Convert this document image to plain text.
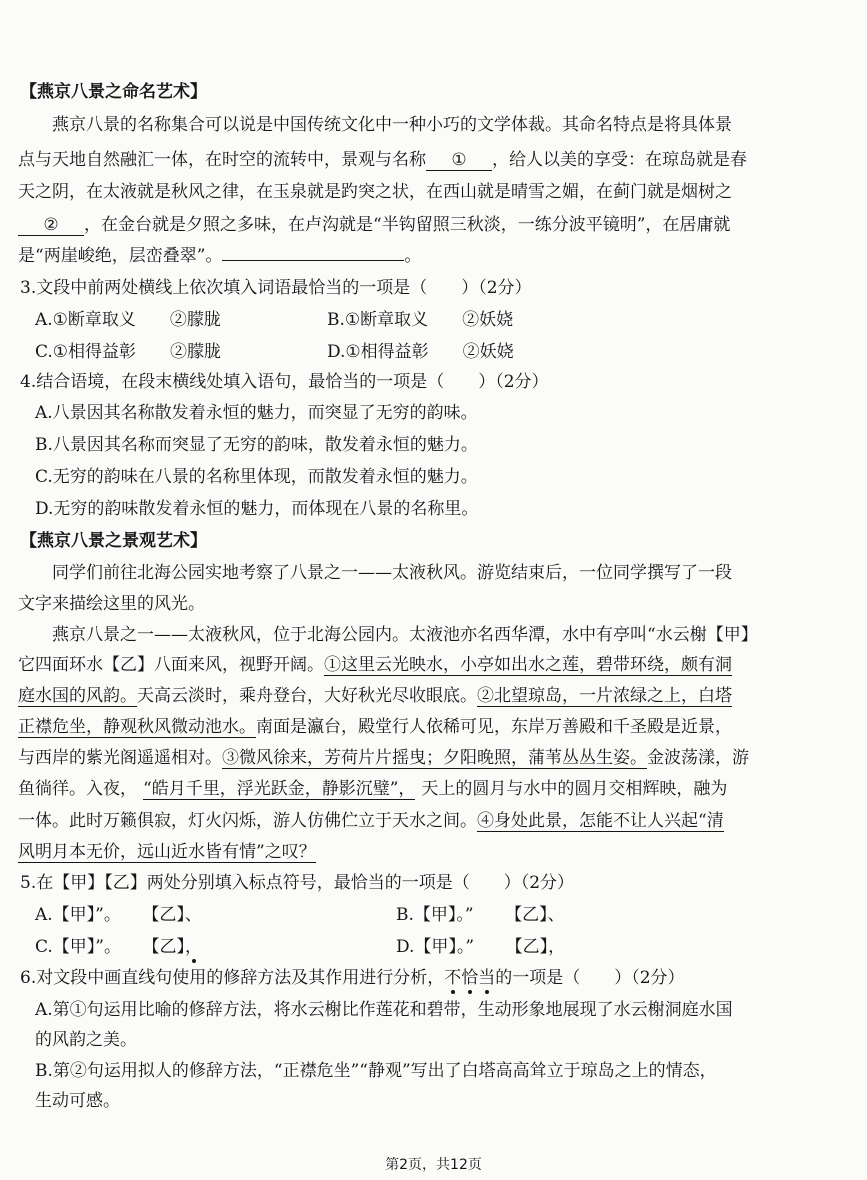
【燕京八景之命名艺术】
燕京八景的名称集合可以说是中国传统文化中一种小巧的文学体裁。其命名特点是将具体景
点与天地自然融汇一体，在时空的流转中，景观与名称 ① ，给人以美的享受：在琼岛就是春
天之阴，在太液就是秋风之律，在玉泉就是趵突之状，在西山就是晴雪之媚，在蓟门就是烟树之
② ，在金台就是夕照之多味，在卢沟就是“半钩留照三秋淡，一练分波平镜明”，在居庸就
是“两崖峻绝，层峦叠翠”。	。
3.文段中前两处横线上依次填入词语最恰当的一项是（　　）（2分）
A.①断章取义　　②朦胧	B.①断章取义　　②妖娆
C.①相得益彰　　②朦胧	D.①相得益彰　　②妖娆
4.结合语境，在段末横线处填入语句，最恰当的一项是（　　）（2分）
A.八景因其名称散发着永恒的魅力，而突显了无穷的韵味。
B.八景因其名称而突显了无穷的韵味，散发着永恒的魅力。
C.无穷的韵味在八景的名称里体现，而散发着永恒的魅力。
D.无穷的韵味散发着永恒的魅力，而体现在八景的名称里。
【燕京八景之景观艺术】
同学们前往北海公园实地考察了八景之一——太液秋风。游览结束后，一位同学撰写了一段
文字来描绘这里的风光。
燕京八景之一——太液秋风，位于北海公园内。太液池亦名西华潭，水中有亭叫“水云榭【甲】
它四面环水【乙】八面来风，视野开阔。①这里云光映水，小亭如出水之莲，碧带环绕，颇有洞
庭水国的风韵。天高云淡时，乘舟登台，大好秋光尽收眼底。②北望琼岛，一片浓绿之上，白塔
正襟危坐，静观秋风微动池水。南面是瀛台，殿堂行人依稀可见，东岸万善殿和千圣殿是近景，
与西岸的紫光阁遥遥相对。③微风徐来，芳荷片片摇曳；夕阳晚照，蒲苇丛丛生姿。金波荡漾，游
鱼徜徉。入夜， “皓月千里，浮光跃金，静影沉璧”， 天上的圆月与水中的圆月交相辉映，融为
一体。此时万籁俱寂，灯火闪烁，游人仿佛伫立于天水之间。④身处此景，怎能不让人兴起“清
风明月本无价，远山近水皆有情”之叹？
5.在【甲】【乙】两处分别填入标点符号，最恰当的一项是（　　）（2分）
A.【甲】”。 【乙】、	B.【甲】。” 【乙】、
C.【甲】”。 【乙】，	D.【甲】。” 【乙】，
6.对文段中画直线句使用的修辞方法及其作用进行分析，不恰当的一项是（　　）（2分）
A.第①句运用比喻的修辞方法，将水云榭比作莲花和碧带，生动形象地展现了水云榭洞庭水国
的风韵之美。
B.第②句运用拟人的修辞方法，“正襟危坐”“静观”写出了白塔高高耸立于琼岛之上的情态，
生动可感。
第2页，共12页
